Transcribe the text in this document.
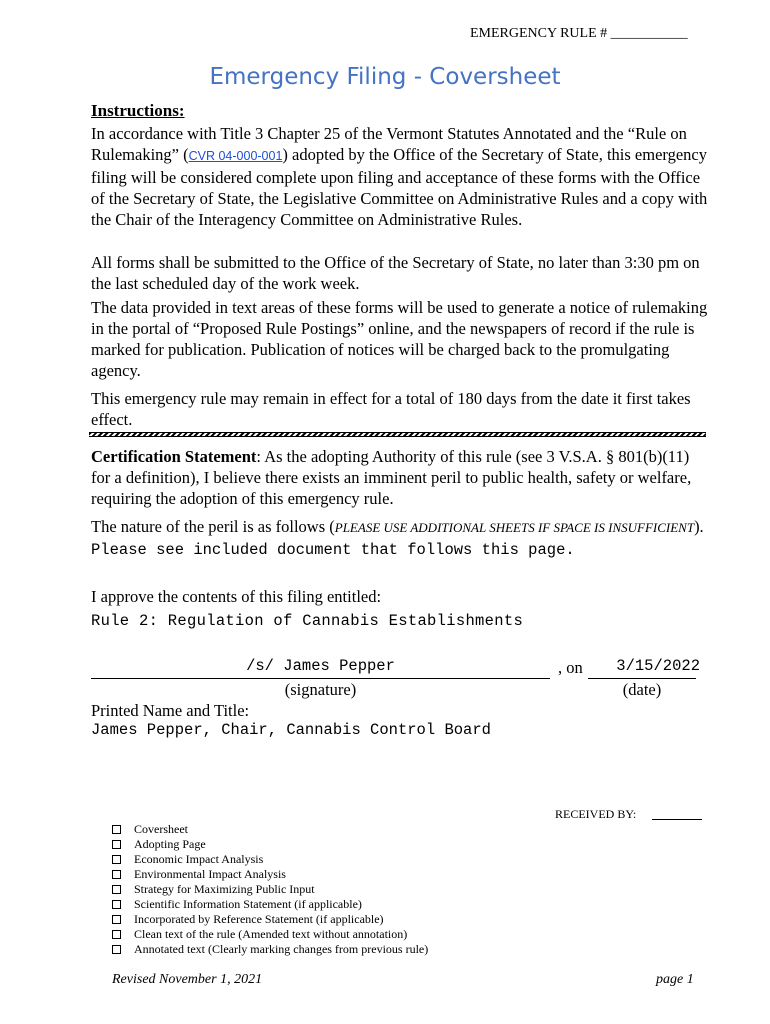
EMERGENCY RULE # ___________
Emergency Filing - Coversheet
Instructions:
In accordance with Title 3 Chapter 25 of the Vermont Statutes Annotated and the “Rule on Rulemaking” (CVR 04-000-001) adopted by the Office of the Secretary of State, this emergency filing will be considered complete upon filing and acceptance of these forms with the Office of the Secretary of State, the Legislative Committee on Administrative Rules and a copy with the Chair of the Interagency Committee on Administrative Rules.
All forms shall be submitted to the Office of the Secretary of State, no later than 3:30 pm on the last scheduled day of the work week.
The data provided in text areas of these forms will be used to generate a notice of rulemaking in the portal of “Proposed Rule Postings” online, and the newspapers of record if the rule is marked for publication. Publication of notices will be charged back to the promulgating agency.
This emergency rule may remain in effect for a total of 180 days from the date it first takes effect.
Certification Statement: As the adopting Authority of this rule (see 3 V.S.A. § 801(b)(11) for a definition), I believe there exists an imminent peril to public health, safety or welfare, requiring the adoption of this emergency rule.
The nature of the peril is as follows (PLEASE USE ADDITIONAL SHEETS IF SPACE IS INSUFFICIENT). Please see included document that follows this page.
I approve the contents of this filing entitled:
Rule 2: Regulation of Cannabis Establishments
/s/ James Pepper	, on	3/15/2022
(signature)	(date)
Printed Name and Title:
James Pepper, Chair, Cannabis Control Board
RECEIVED BY:
Coversheet
Adopting Page
Economic Impact Analysis
Environmental Impact Analysis
Strategy for Maximizing Public Input
Scientific Information Statement (if applicable)
Incorporated by Reference Statement (if applicable)
Clean text of the rule (Amended text without annotation)
Annotated text (Clearly marking changes from previous rule)
Revised November 1, 2021	page 1
